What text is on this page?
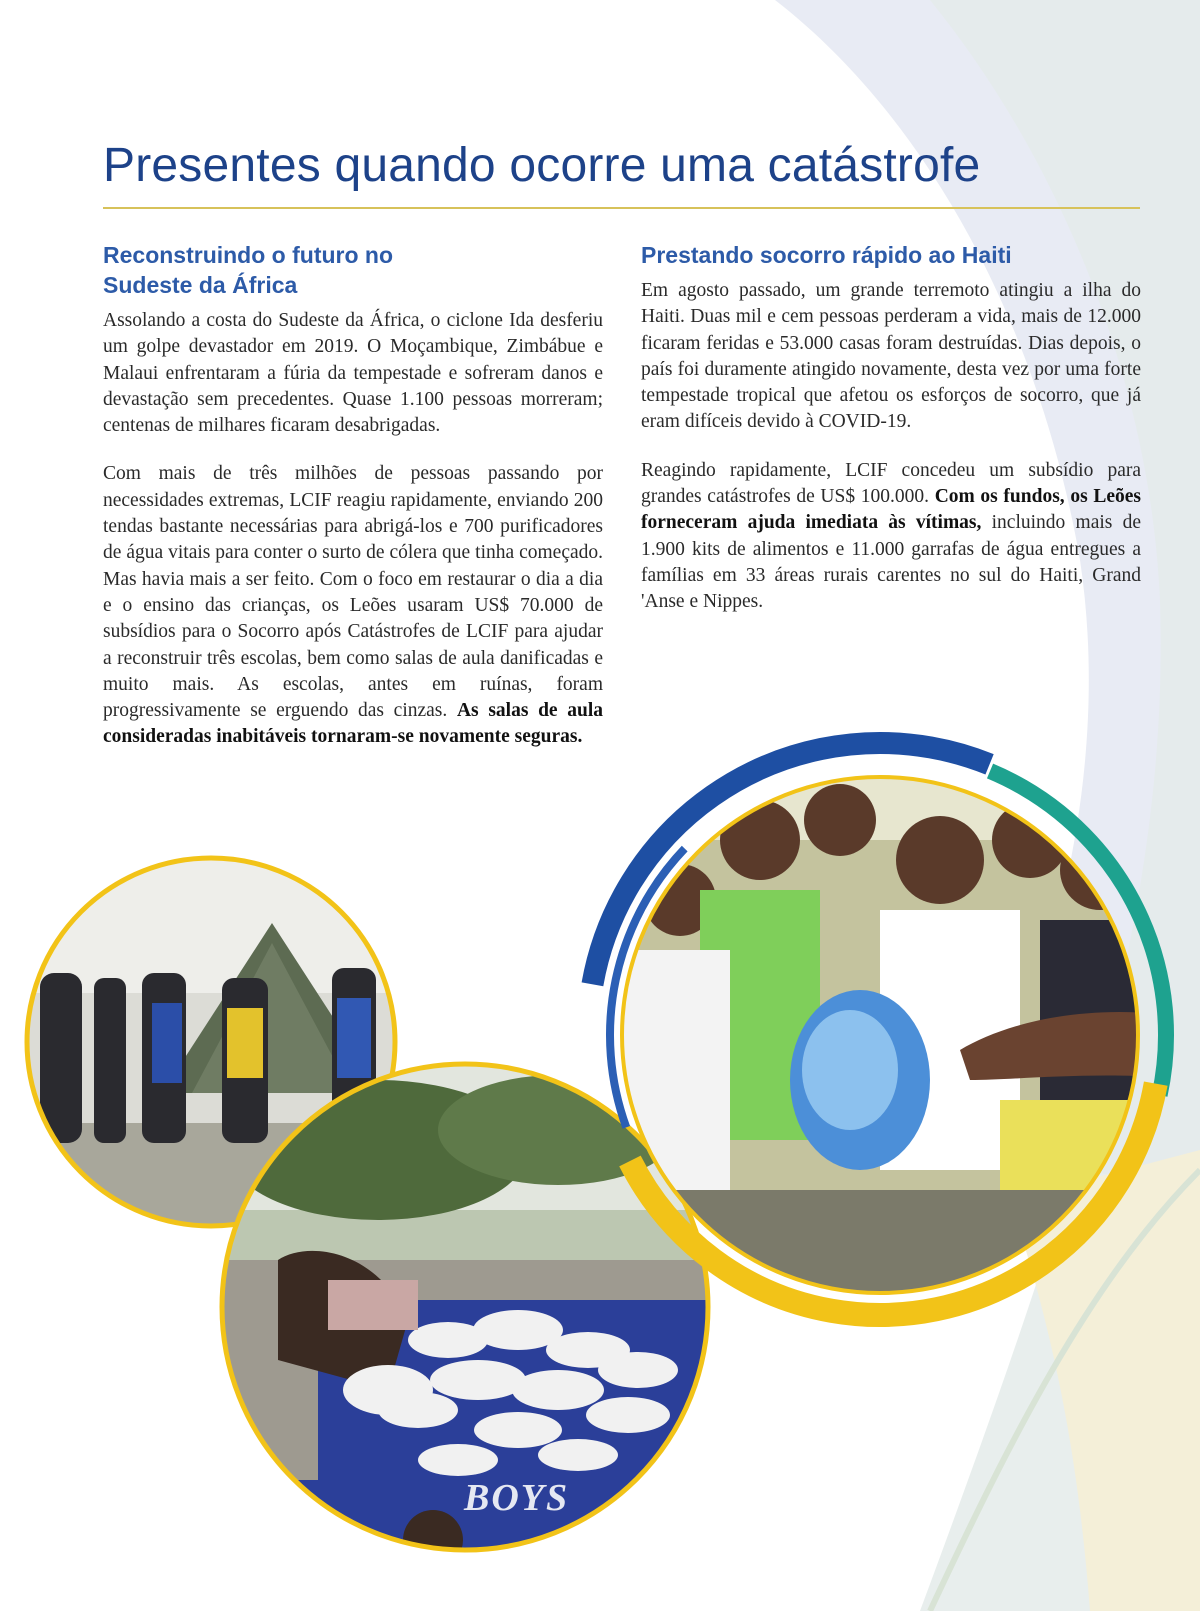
Presentes quando ocorre uma catástrofe
Reconstruindo o futuro no
Sudeste da África

Assolando a costa do Sudeste da África, o ciclone Ida desferiu um golpe devastador em 2019. O Moçambique, Zimbábue e Malaui enfrentaram a fúria da tempestade e sofreram danos e devastação sem precedentes. Quase 1.100 pessoas morreram; centenas de milhares ficaram desabrigadas.

Com mais de três milhões de pessoas passando por necessidades extremas, LCIF reagiu rapidamente, enviando 200 tendas bastante necessárias para abrigá-los e 700 purificadores de água vitais para conter o surto de cólera que tinha começado. Mas havia mais a ser feito. Com o foco em restaurar o dia a dia e o ensino das crianças, os Leões usaram US$ 70.000 de subsídios para o Socorro após Catástrofes de LCIF para ajudar a reconstruir três escolas, bem como salas de aula danificadas e muito mais. As escolas, antes em ruínas, foram progressivamente se erguendo das cinzas. As salas de aula consideradas inabitáveis tornaram-se novamente seguras.

Prestando socorro rápido ao Haiti

Em agosto passado, um grande terremoto atingiu a ilha do Haiti. Duas mil e cem pessoas perderam a vida, mais de 12.000 ficaram feridas e 53.000 casas foram destruídas. Dias depois, o país foi duramente atingido novamente, desta vez por uma forte tempestade tropical que afetou os esforços de socorro, que já eram difíceis devido à COVID-19.

Reagindo rapidamente, LCIF concedeu um subsídio para grandes catástrofes de US$ 100.000. Com os fundos, os Leões forneceram ajuda imediata às vítimas, incluindo mais de 1.900 kits de alimentos e 11.000 garrafas de água entregues a famílias em 33 áreas rurais carentes no sul do Haiti, Grand 'Anse e Nippes.

BOYS
